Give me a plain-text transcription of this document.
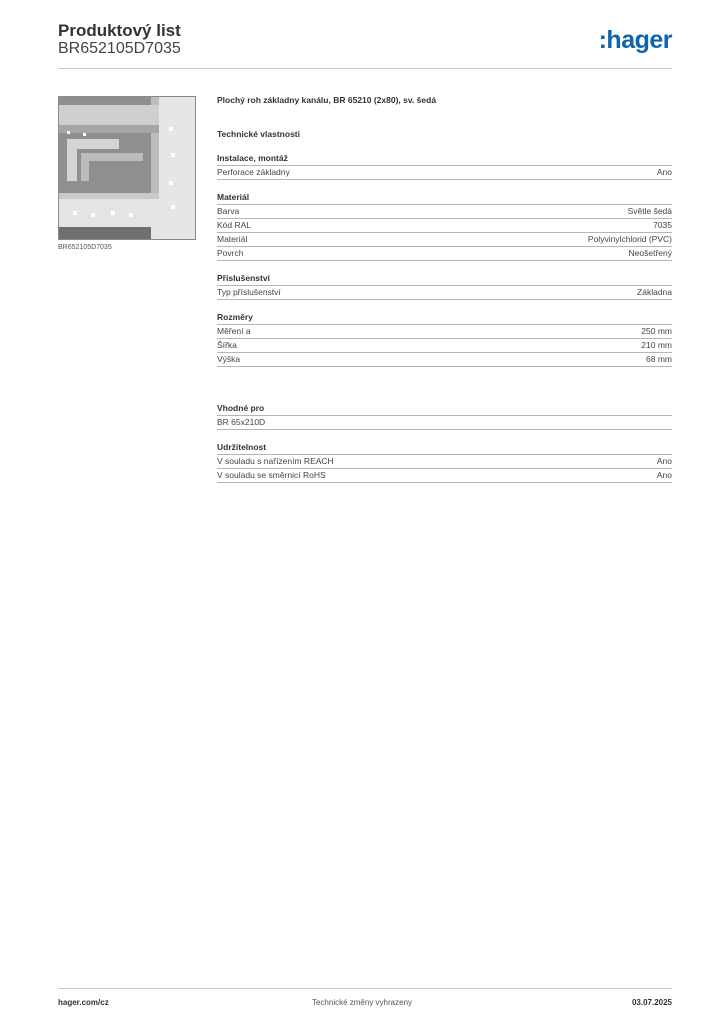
Produktový list
BR652105D7035	:hager
BR652105D7035
Plochý roh základny kanálu, BR 65210 (2x80), sv. šedá
Technické vlastnosti
Instalace, montáž
Perforace základny	Ano
Materiál
Barva	Světle šedá
Kód RAL	7035
Materiál	Polyvinylchlorid (PVC)
Povrch	Neošetřený
Příslušenství
Typ příslušenství	Základna
Rozměry
Měření a	250 mm
Šířka	210 mm
Výška	68 mm
Vhodné pro
BR 65x210D
Udržitelnost
V souladu s nařízením REACH	Ano
V souladu se směrnicí RoHS	Ano
hager.com/cz	Technické změny vyhrazeny	03.07.2025
